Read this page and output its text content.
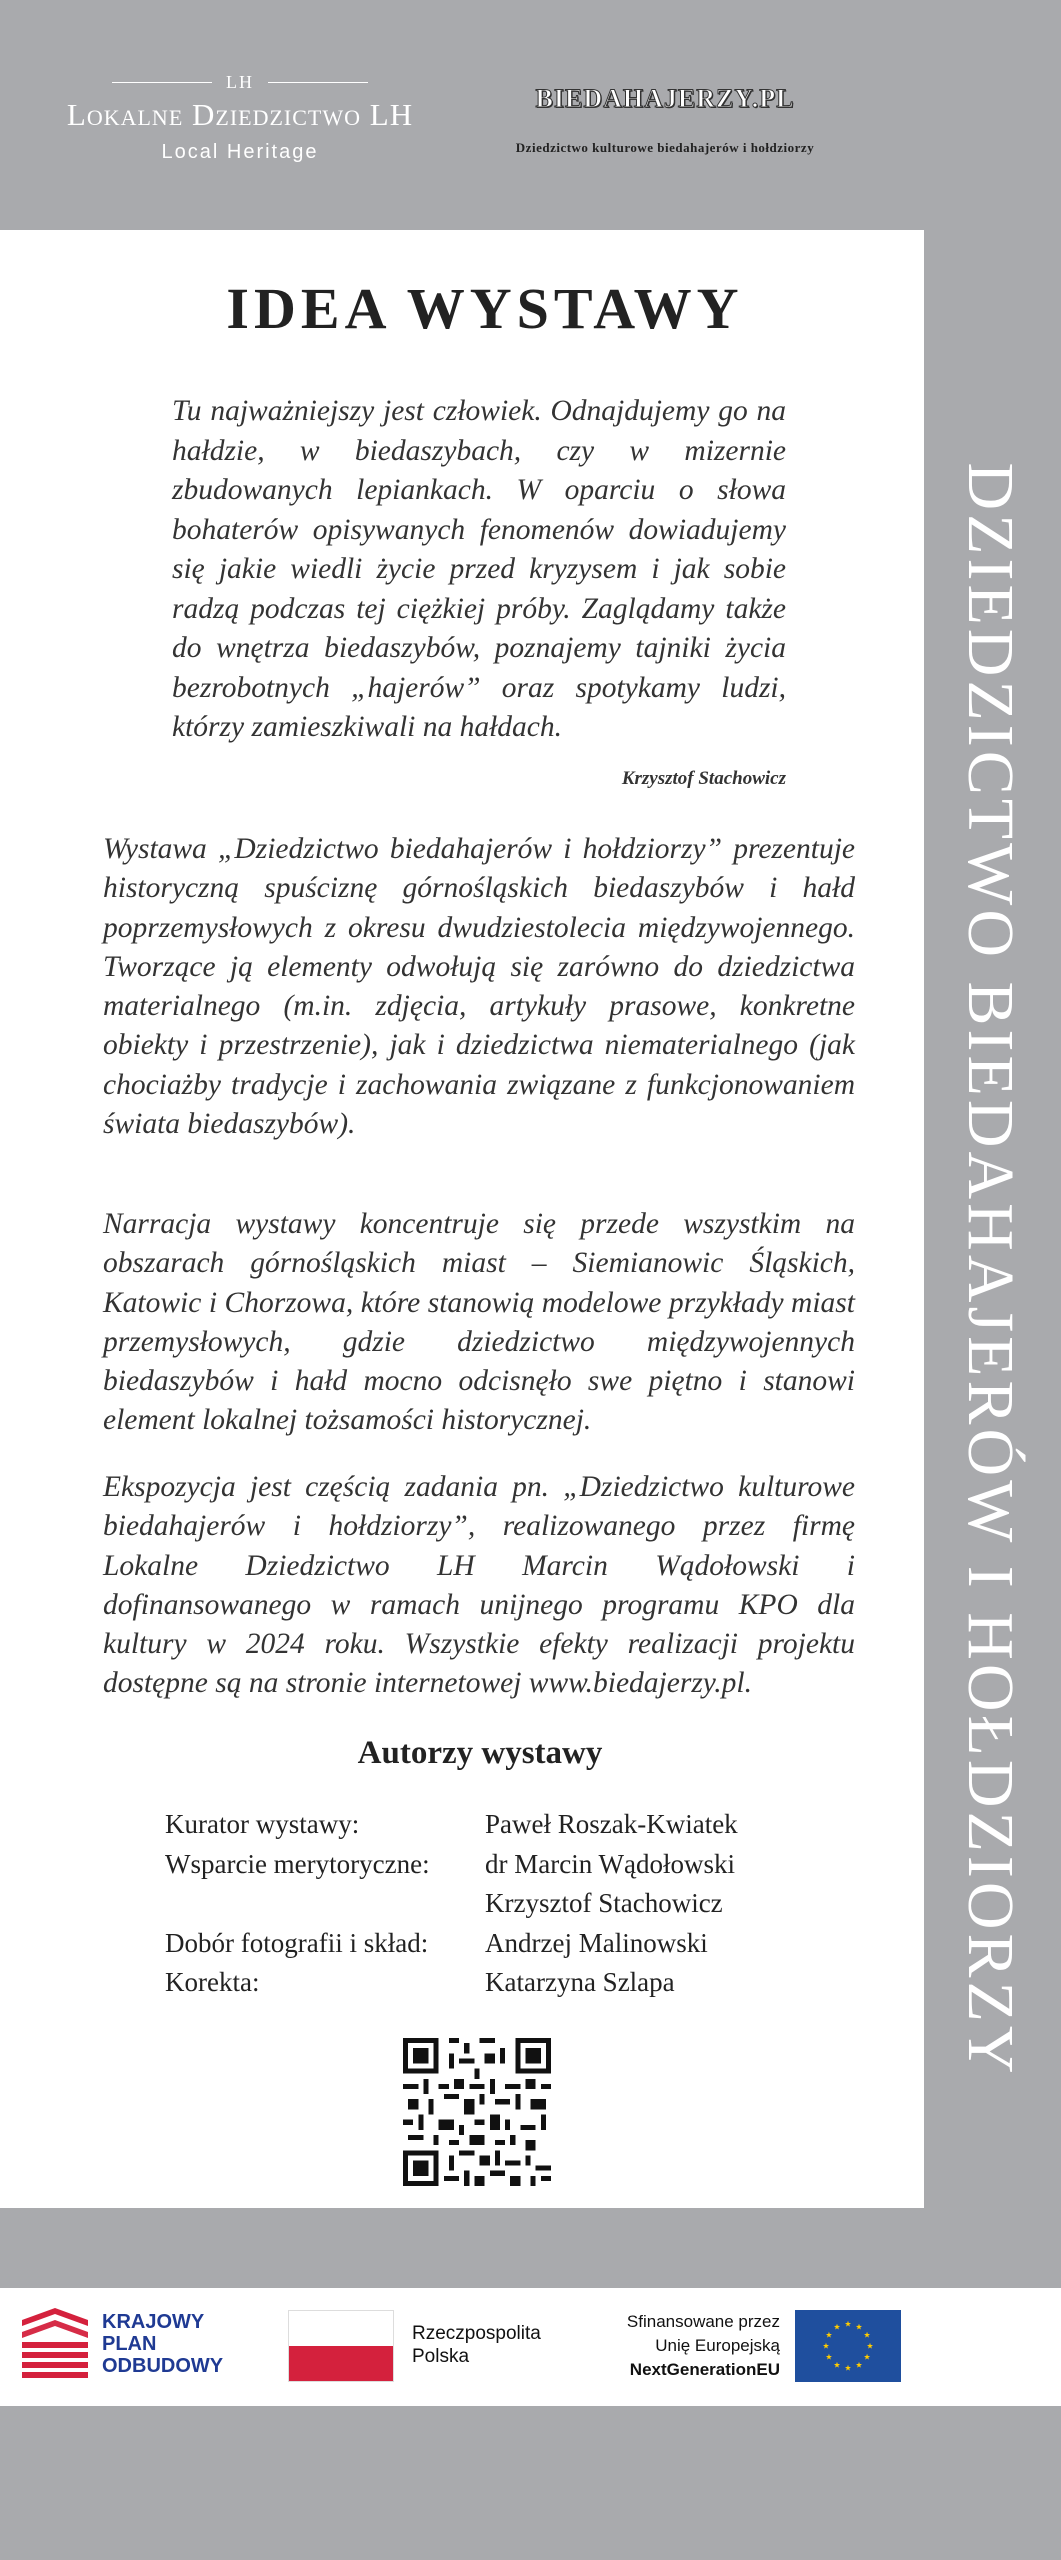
LH
Lokalne Dziedzictwo LH
Local Heritage
BIEDAHAJERZY.PL
Dziedzictwo kulturowe biedahajerów i hołdziorzy
IDEA WYSTAWY
Tu najważniejszy jest człowiek. Odnajdujemy go na hałdzie, w biedaszybach, czy w mizernie zbudowanych lepiankach. W oparciu o słowa bohaterów opisywanych fenomenów dowiadujemy się jakie wiedli życie przed kryzysem i jak sobie radzą podczas tej ciężkiej próby. Zaglądamy także do wnętrza biedaszybów, poznajemy tajniki życia bezrobotnych „hajerów” oraz spotykamy ludzi, którzy zamieszkiwali na hałdach.
Krzysztof Stachowicz
Wystawa „Dziedzictwo biedahajerów i hołdziorzy” prezentuje historyczną spuściznę górnośląskich biedaszybów i hałd poprzemysłowych z okresu dwudziestolecia międzywojennego. Tworzące ją elementy odwołują się zarówno do dziedzictwa materialnego (m.in. zdjęcia, artykuły prasowe, konkretne obiekty i przestrzenie), jak i dziedzictwa niematerialnego (jak chociażby tradycje i zachowania związane z funkcjonowaniem świata biedaszybów).
Narracja wystawy koncentruje się przede wszystkim na obszarach górnośląskich miast – Siemianowic Śląskich, Katowic i Chorzowa, które stanowią modelowe przykłady miast przemysłowych, gdzie dziedzictwo międzywojennych biedaszybów i hałd mocno odcisnęło swe piętno i stanowi element lokalnej tożsamości historycznej.
Ekspozycja jest częścią zadania pn. „Dziedzictwo kulturowe biedahajerów i hołdziorzy”, realizowanego przez firmę Lokalne Dziedzictwo LH Marcin Wądołowski i dofinansowanego w ramach unijnego programu KPO dla kultury w 2024 roku. Wszystkie efekty realizacji projektu dostępne są na stronie internetowej www.biedajerzy.pl.
Autorzy wystawy
Kurator wystawy:	Paweł Roszak-Kwiatek
Wsparcie merytoryczne:	dr Marcin Wądołowski
Krzysztof Stachowicz
Dobór fotografii i skład:	Andrzej Malinowski
Korekta:	Katarzyna Szlapa	DZIEDZICTWO BIEDAHAJERÓW I HOŁDZIORZY
KRAJOWY
PLAN
ODBUDOWY
Rzeczpospolita
Polska
Sfinansowane przez
Unię Europejską
NextGenerationEU
